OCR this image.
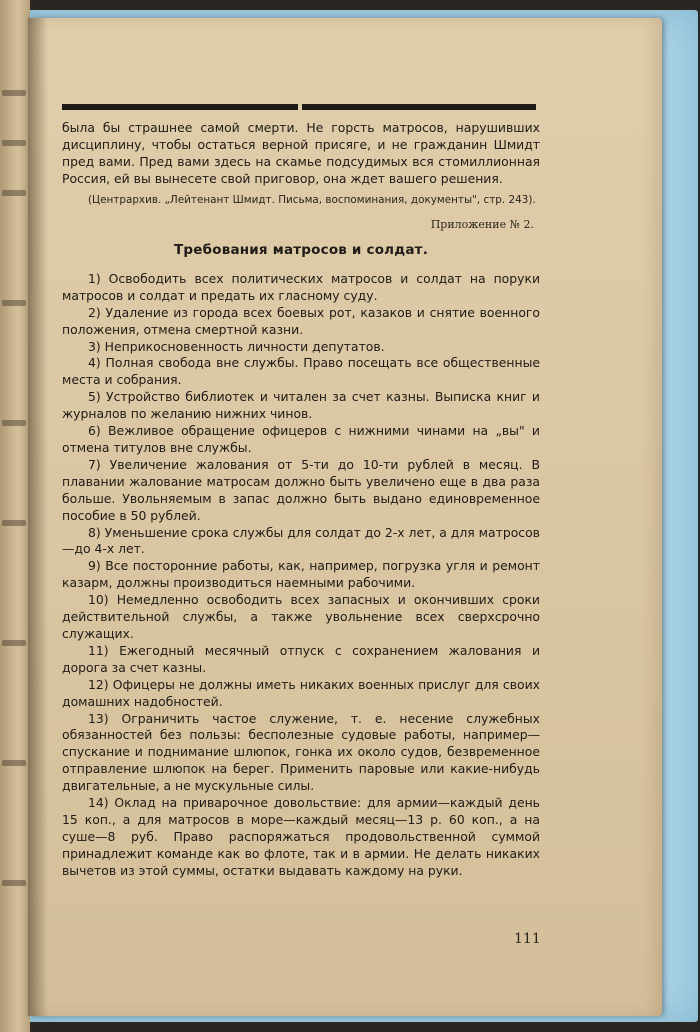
была бы страшнее самой смерти. Не горсть матросов, нарушивших дисциплину, чтобы остаться верной присяге, и не гражданин Шмидт пред вами. Пред вами здесь на скамье подсудимых вся стомиллионная Россия, ей вы вынесете свой приговор, она ждет вашего решения.

(Центрархив. „Лейтенант Шмидт. Письма, воспоминания, документы", стр. 243).

Приложение № 2.

Требования матросов и солдат.

1) Освободить всех политических матросов и солдат на поруки матросов и солдат и предать их гласному суду.

2) Удаление из города всех боевых рот, казаков и снятие военного положения, отмена смертной казни.

3) Неприкосновенность личности депутатов.

4) Полная свобода вне службы. Право посещать все общественные места и собрания.

5) Устройство библиотек и читален за счет казны. Выписка книг и журналов по желанию нижних чинов.

6) Вежливое обращение офицеров с нижними чинами на „вы" и отмена титулов вне службы.

7) Увеличение жалования от 5-ти до 10-ти рублей в месяц. В плавании жалование матросам должно быть увеличено еще в два раза больше. Увольняемым в запас должно быть выдано единовременное пособие в 50 рублей.

8) Уменьшение срока службы для солдат до 2-х лет, а для матросов—до 4-х лет.

9) Все посторонние работы, как, например, погрузка угля и ремонт казарм, должны производиться наемными рабочими.

10) Немедленно освободить всех запасных и окончивших сроки действительной службы, а также увольнение всех сверхсрочно служащих.

11) Ежегодный месячный отпуск с сохранением жалования и дорога за счет казны.

12) Офицеры не должны иметь никаких военных прислуг для своих домашних надобностей.

13) Ограничить частое служение, т. е. несение служебных обязанностей без пользы: бесполезные судовые работы, например—спускание и поднимание шлюпок, гонка их около судов, безвременное отправление шлюпок на берег. Применить паровые или какие-нибудь двигательные, а не мускульные силы.

14) Оклад на приварочное довольствие: для армии—каждый день 15 коп., а для матросов в море—каждый месяц—13 р. 60 коп., а на суше—8 руб. Право распоряжаться продовольственной суммой принадлежит команде как во флоте, так и в армии. Не делать никаких вычетов из этой суммы, остатки выдавать каждому на руки.

111
